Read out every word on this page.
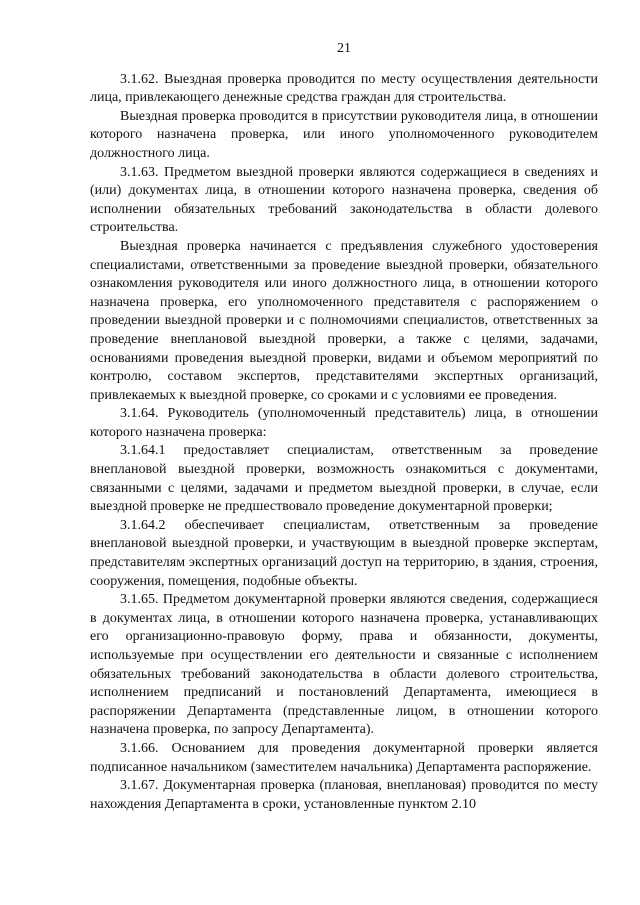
21

3.1.62. Выездная проверка проводится по месту осуществления деятельности лица, привлекающего денежные средства граждан для строительства.

Выездная проверка проводится в присутствии руководителя лица, в отношении которого назначена проверка, или иного уполномоченного руководителем должностного лица.

3.1.63. Предметом выездной проверки являются содержащиеся в сведениях и (или) документах лица, в отношении которого назначена проверка, сведения об исполнении обязательных требований законодательства в области долевого строительства.

Выездная проверка начинается с предъявления служебного удостоверения специалистами, ответственными за проведение выездной проверки, обязательного ознакомления руководителя или иного должностного лица, в отношении которого назначена проверка, его уполномоченного представителя с распоряжением о проведении выездной проверки и с полномочиями специалистов, ответственных за проведение внеплановой выездной проверки, а также с целями, задачами, основаниями проведения выездной проверки, видами и объемом мероприятий по контролю, составом экспертов, представителями экспертных организаций, привлекаемых к выездной проверке, со сроками и с условиями ее проведения.

3.1.64. Руководитель (уполномоченный представитель) лица, в отношении которого назначена проверка:

3.1.64.1 предоставляет специалистам, ответственным за проведение внеплановой выездной проверки, возможность ознакомиться с документами, связанными с целями, задачами и предметом выездной проверки, в случае, если выездной проверке не предшествовало проведение документарной проверки;

3.1.64.2 обеспечивает специалистам, ответственным за проведение внеплановой выездной проверки, и участвующим в выездной проверке экспертам, представителям экспертных организаций доступ на территорию, в здания, строения, сооружения, помещения, подобные объекты.

3.1.65. Предметом документарной проверки являются сведения, содержащиеся в документах лица, в отношении которого назначена проверка, устанавливающих его организационно-правовую форму, права и обязанности, документы, используемые при осуществлении его деятельности и связанные с исполнением обязательных требований законодательства в области долевого строительства, исполнением предписаний и постановлений Департамента, имеющиеся в распоряжении Департамента (представленные лицом, в отношении которого назначена проверка, по запросу Департамента).

3.1.66. Основанием для проведения документарной проверки является подписанное начальником (заместителем начальника) Департамента распоряжение.

3.1.67. Документарная проверка (плановая, внеплановая) проводится по месту нахождения Департамента в сроки, установленные пунктом 2.10
